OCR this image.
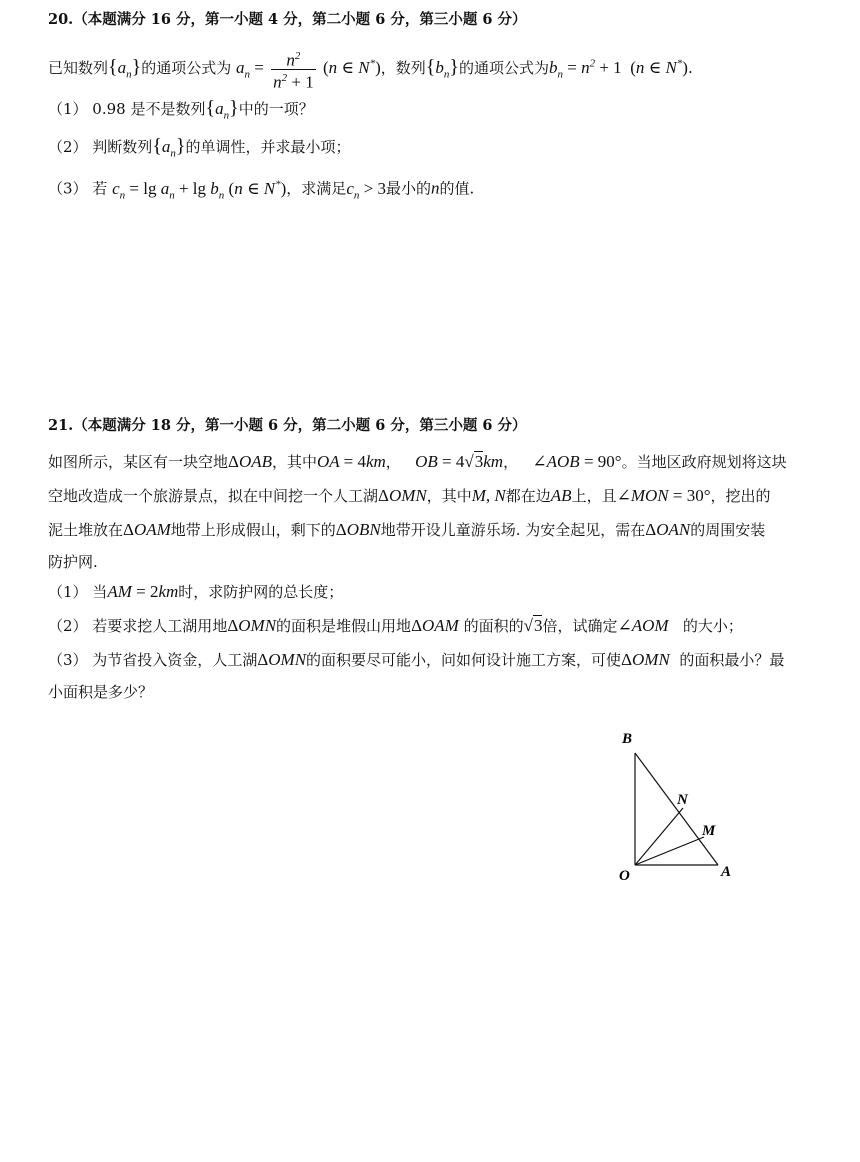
20.（本题满分 16 分，第一小题 4 分，第二小题 6 分，第三小题 6 分）
已知数列$\{a_n\}$的通项公式为 $a_n = \frac{n^2}{n^2 + 1} (n$ ∈ N*)，数列$\{b_n\}$的通项公式为$b_n = n^2 + 1$ (n ∈ N*).
（1） 0.98 是不是数列$\{a_n\}$中的一项？
（2） 判断数列$\{a_n\}$的单调性，并求最小项；
（3） 若 $c_n = \lg a_n + \lg b_n$ (n ∈ N*)，求满足$c_n > 3$最小的n的值.
21.（本题满分 18 分，第一小题 6 分，第二小题 6 分，第三小题 6 分）
如图所示，某区有一块空地ΔOAB，其中OA = 4km， OB = 4√3km， ∠AOB = 90°。当地区政府规划将这块
空地改造成一个旅游景点，拟在中间挖一个人工湖ΔOMN，其中M, N都在边AB上，且∠MON = 30°，挖出的
泥土堆放在ΔOAM地带上形成假山，剩下的ΔOBN地带开设儿童游乐场. 为安全起见，需在ΔOAN的周围安装
防护网.
（1） 当AM = 2km时，求防护网的总长度；
（2） 若要求挖人工湖用地ΔOMN的面积是堆假山用地ΔOAM 的面积的√3倍，试确定∠AOM 的大小；
（3） 为节省投入资金，人工湖ΔOMN的面积要尽可能小，问如何设计施工方案，可使ΔOMN 的面积最小？最
小面积是多少？
B
N
M
O	A
